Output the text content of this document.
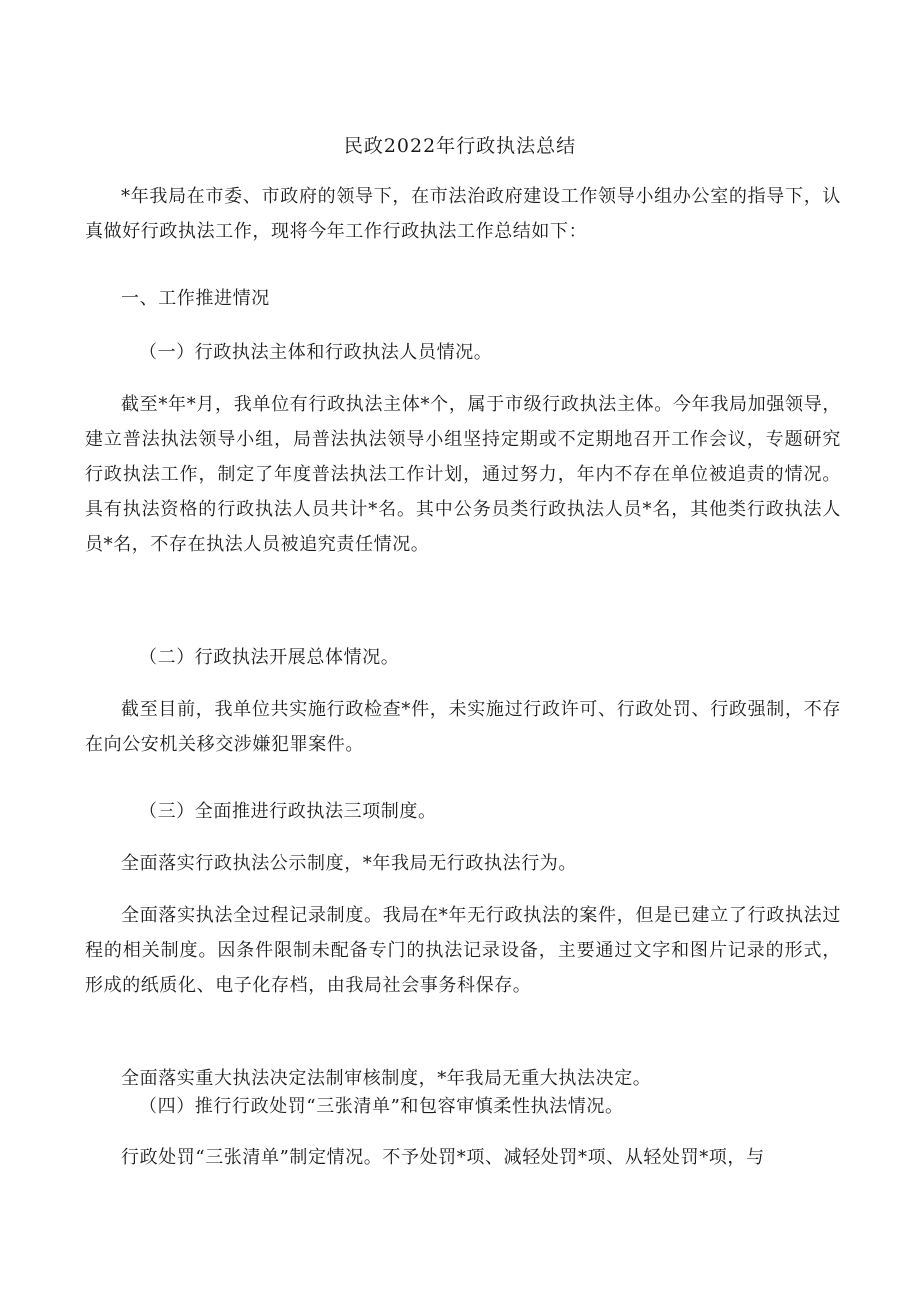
民政2022年行政执法总结

*年我局在市委、市政府的领导下，在市法治政府建设工作领导小组办公室的指导下，认真做好行政执法工作，现将今年工作行政执法工作总结如下：

一、工作推进情况

（一）行政执法主体和行政执法人员情况。

截至*年*月，我单位有行政执法主体*个，属于市级行政执法主体。今年我局加强领导，建立普法执法领导小组，局普法执法领导小组坚持定期或不定期地召开工作会议，专题研究行政执法工作，制定了年度普法执法工作计划，通过努力，年内不存在单位被追责的情况。具有执法资格的行政执法人员共计*名。其中公务员类行政执法人员*名，其他类行政执法人员*名，不存在执法人员被追究责任情况。

（二）行政执法开展总体情况。

截至目前，我单位共实施行政检查*件，未实施过行政许可、行政处罚、行政强制，不存在向公安机关移交涉嫌犯罪案件。

（三）全面推进行政执法三项制度。

全面落实行政执法公示制度，*年我局无行政执法行为。

全面落实执法全过程记录制度。我局在*年无行政执法的案件，但是已建立了行政执法过程的相关制度。因条件限制未配备专门的执法记录设备，主要通过文字和图片记录的形式，形成的纸质化、电子化存档，由我局社会事务科保存。

全面落实重大执法决定法制审核制度，*年我局无重大执法决定。

（四）推行行政处罚“三张清单”和包容审慎柔性执法情况。

行政处罚“三张清单”制定情况。不予处罚*项、减轻处罚*项、从轻处罚*项，与
